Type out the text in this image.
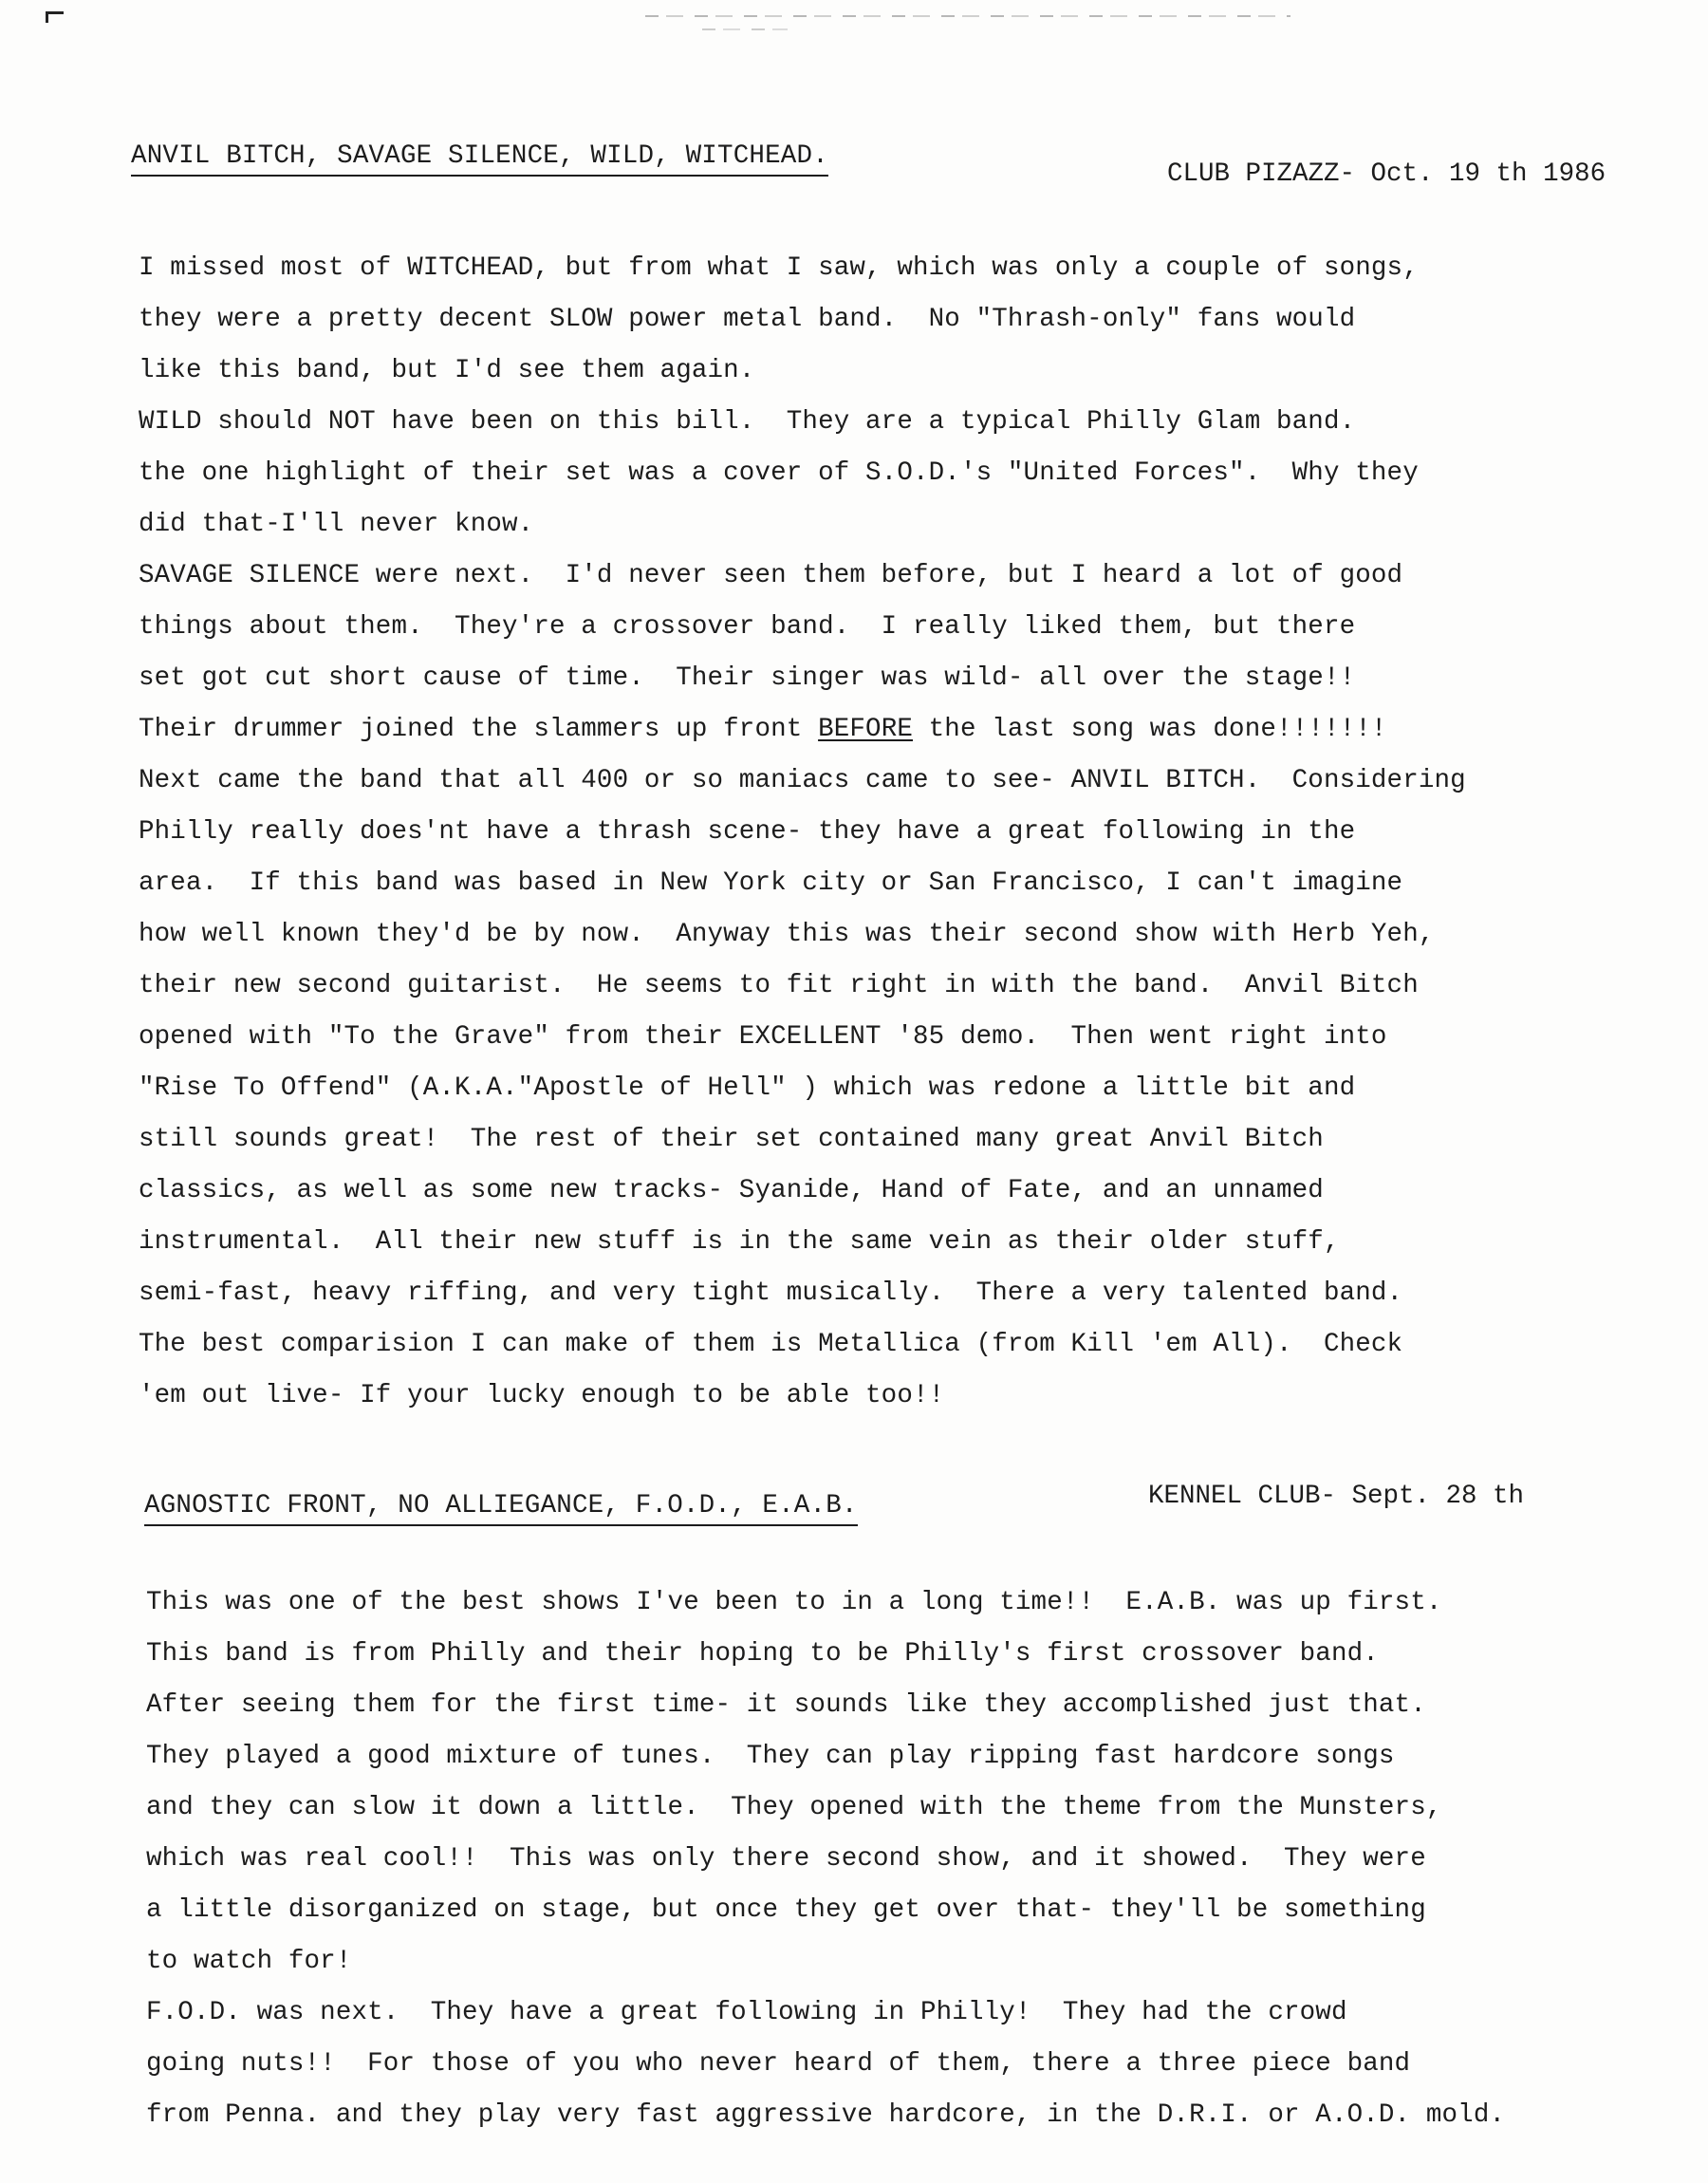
ANVIL BITCH, SAVAGE SILENCE, WILD, WITCHEAD.
CLUB PIZAZZ- Oct. 19 th 1986
I missed most of WITCHEAD, but from what I saw, which was only a couple of songs,
they were a pretty decent SLOW power metal band.  No "Thrash-only" fans would
like this band, but I'd see them again.
WILD should NOT have been on this bill.  They are a typical Philly Glam band.
the one highlight of their set was a cover of S.O.D.'s "United Forces".  Why they
did that-I'll never know.
SAVAGE SILENCE were next.  I'd never seen them before, but I heard a lot of good
things about them.  They're a crossover band.  I really liked them, but there
set got cut short cause of time.  Their singer was wild- all over the stage!!
Their drummer joined the slammers up front BEFORE the last song was done!!!!!!!
Next came the band that all 400 or so maniacs came to see- ANVIL BITCH.  Considering
Philly really does'nt have a thrash scene- they have a great following in the
area.  If this band was based in New York city or San Francisco, I can't imagine
how well known they'd be by now.  Anyway this was their second show with Herb Yeh,
their new second guitarist.  He seems to fit right in with the band.  Anvil Bitch
opened with "To the Grave" from their EXCELLENT '85 demo.  Then went right into
"Rise To Offend" (A.K.A."Apostle of Hell" ) which was redone a little bit and
still sounds great!  The rest of their set contained many great Anvil Bitch
classics, as well as some new tracks- Syanide, Hand of Fate, and an unnamed
instrumental.  All their new stuff is in the same vein as their older stuff,
semi-fast, heavy riffing, and very tight musically.  There a very talented band.
The best comparision I can make of them is Metallica (from Kill 'em All).  Check
'em out live- If your lucky enough to be able too!!
AGNOSTIC FRONT, NO ALLIEGANCE, F.O.D., E.A.B.	KENNEL CLUB- Sept. 28 th
This was one of the best shows I've been to in a long time!!  E.A.B. was up first.
This band is from Philly and their hoping to be Philly's first crossover band.
After seeing them for the first time- it sounds like they accomplished just that.
They played a good mixture of tunes.  They can play ripping fast hardcore songs
and they can slow it down a little.  They opened with the theme from the Munsters,
which was real cool!!  This was only there second show, and it showed.  They were
a little disorganized on stage, but once they get over that- they'll be something
to watch for!
F.O.D. was next.  They have a great following in Philly!  They had the crowd
going nuts!!  For those of you who never heard of them, there a three piece band
from Penna. and they play very fast aggressive hardcore, in the D.R.I. or A.O.D. mold.
